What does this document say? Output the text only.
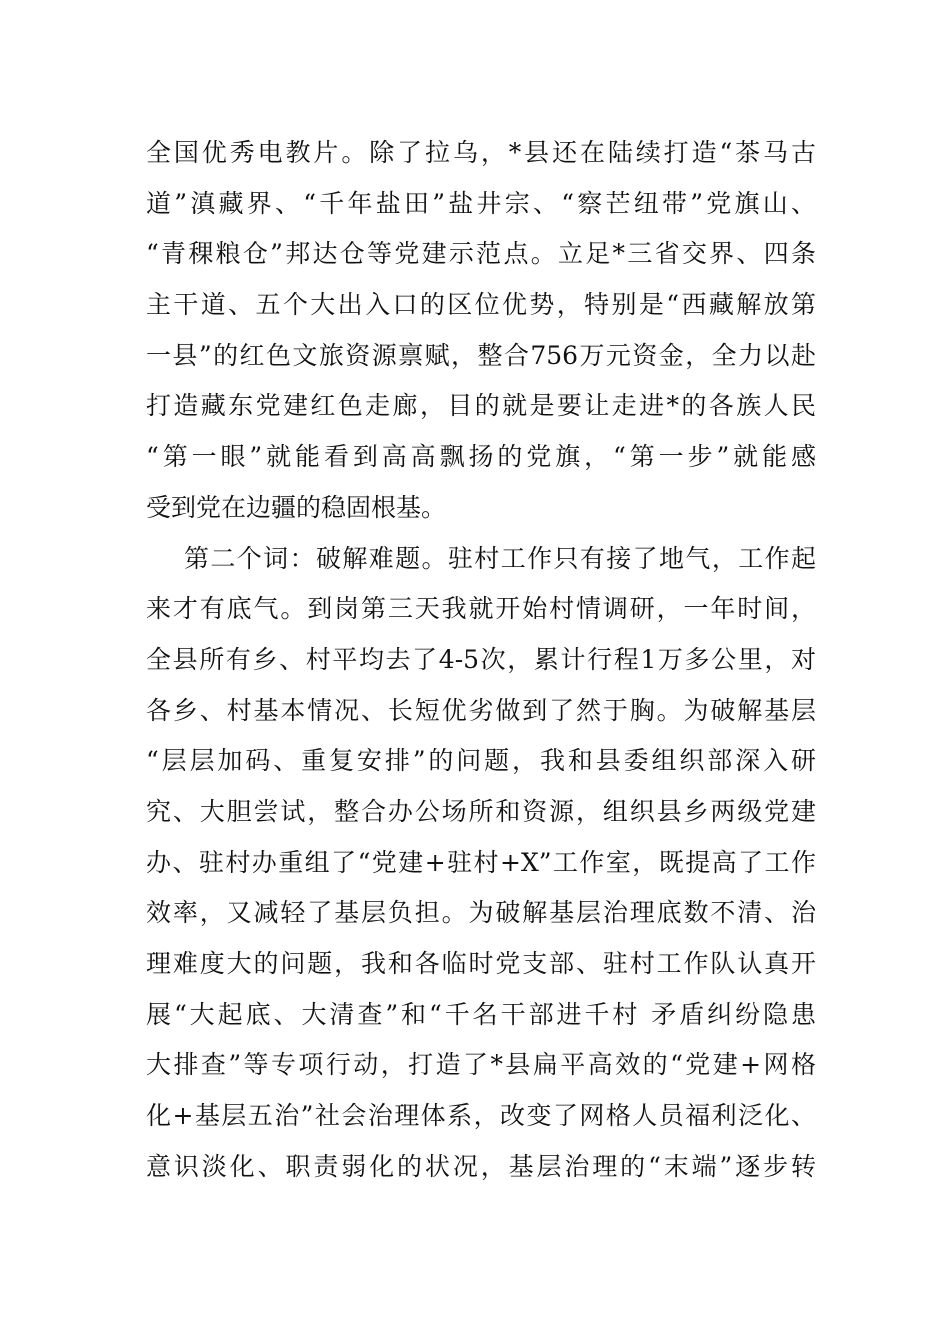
全国优秀电教片。除了拉乌，*县还在陆续打造“茶马古
道”滇藏界、“千年盐田”盐井宗、“察芒纽带”党旗山、
“青稞粮仓”邦达仓等党建示范点。立足*三省交界、四条
主干道、五个大出入口的区位优势，特别是“西藏解放第
一县”的红色文旅资源禀赋，整合756万元资金，全力以赴
打造藏东党建红色走廊，目的就是要让走进*的各族人民
“第一眼”就能看到高高飘扬的党旗，“第一步”就能感
受到党在边疆的稳固根基。
第二个词：破解难题。驻村工作只有接了地气，工作起
来才有底气。到岗第三天我就开始村情调研，一年时间，
全县所有乡、村平均去了4-5次，累计行程1万多公里，对
各乡、村基本情况、长短优劣做到了然于胸。为破解基层
“层层加码、重复安排”的问题，我和县委组织部深入研
究、大胆尝试，整合办公场所和资源，组织县乡两级党建
办、驻村办重组了“党建+驻村+X”工作室，既提高了工作
效率，又减轻了基层负担。为破解基层治理底数不清、治
理难度大的问题，我和各临时党支部、驻村工作队认真开
展“大起底、大清查”和“千名干部进千村 矛盾纠纷隐患
大排查”等专项行动，打造了*县扁平高效的“党建+网格
化+基层五治”社会治理体系，改变了网格人员福利泛化、
意识淡化、职责弱化的状况，基层治理的“末端”逐步转
